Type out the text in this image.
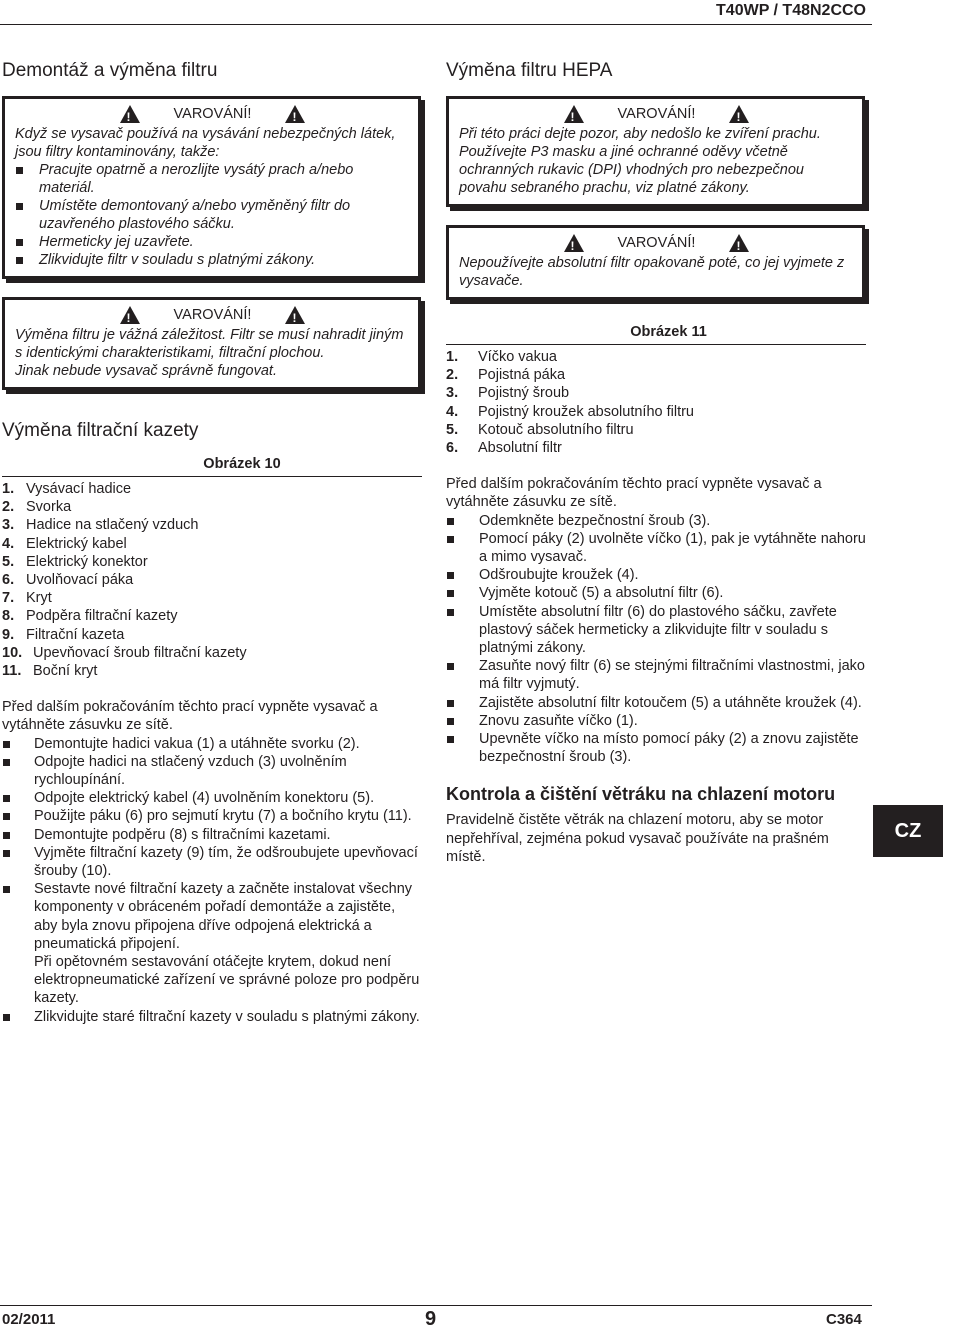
T40WP / T48N2CCO
Demontáž a výměna filtru
!
VAROVÁNÍ!
!
Když se vysavač používá na vysávání nebezpečných látek, jsou filtry kontaminovány, takže:
Pracujte opatrně a nerozlijte vysátý prach a/nebo materiál.
Umístěte demontovaný a/nebo vyměněný filtr do uzavřeného plastového sáčku.
Hermeticky jej uzavřete.
Zlikvidujte filtr v souladu s platnými zákony.
!
VAROVÁNÍ!
!
Výměna filtru je vážná záležitost. Filtr se musí nahradit jiným s identickými charakteristikami, filtrační plochou.
Jinak nebude vysavač správně fungovat.
Výměna filtrační kazety
Obrázek 10
1. Vysávací hadice
2. Svorka
3. Hadice na stlačený vzduch
4. Elektrický kabel
5. Elektrický konektor
6. Uvolňovací páka
7. Kryt
8. Podpěra filtrační kazety
9. Filtrační kazeta
10. Upevňovací šroub filtrační kazety
11. Boční kryt
Před dalším pokračováním těchto prací vypněte vysavač a vytáhněte zásuvku ze sítě.
Demontujte hadici vakua (1) a utáhněte svorku (2).
Odpojte hadici na stlačený vzduch (3) uvolněním rychloupínání.
Odpojte elektrický kabel (4) uvolněním konektoru (5).
Použijte páku (6) pro sejmutí krytu (7) a bočního krytu (11).
Demontujte podpěru (8) s filtračními kazetami.
Vyjměte filtrační kazety (9) tím, že odšroubujete upevňovací šrouby (10).
Sestavte nové filtrační kazety a začněte instalovat všechny komponenty v obráceném pořadí demontáže a zajistěte, aby byla znovu připojena dříve odpojená elektrická a pneumatická připojení.
Při opětovném sestavování otáčejte krytem, dokud není elektropneumatické zařízení ve správné poloze pro podpěru kazety.
Zlikvidujte staré filtrační kazety v souladu s platnými zákony.
Výměna filtru HEPA
!
VAROVÁNÍ!
!
Při této práci dejte pozor, aby nedošlo ke zvíření prachu. Používejte P3 masku a jiné ochranné oděvy včetně ochranných rukavic (DPI) vhodných pro nebezpečnou povahu sebraného prachu, viz platné zákony.
!
VAROVÁNÍ!
!
Nepoužívejte absolutní filtr opakovaně poté, co jej vyjmete z vysavače.
Obrázek 11
1.	Víčko vakua
2.	Pojistná páka
3.	Pojistný šroub
4.	Pojistný kroužek absolutního filtru
5.	Kotouč absolutního filtru
6.	Absolutní filtr
Před dalším pokračováním těchto prací vypněte vysavač a vytáhněte zásuvku ze sítě.
Odemkněte bezpečnostní šroub (3).
Pomocí páky (2) uvolněte víčko (1), pak je vytáhněte nahoru a mimo vysavač.
Odšroubujte kroužek (4).
Vyjměte kotouč (5) a absolutní filtr (6).
Umístěte absolutní filtr (6) do plastového sáčku, zavřete plastový sáček hermeticky a zlikvidujte filtr v souladu s platnými zákony.
Zasuňte nový filtr (6) se stejnými filtračními vlastnostmi, jako má filtr vyjmutý.
Zajistěte absolutní filtr kotoučem (5) a utáhněte kroužek (4).
Znovu zasuňte víčko (1).
Upevněte víčko na místo pomocí páky (2) a znovu zajistěte bezpečnostní šroub (3).
Kontrola a čištění větráku na chlazení motoru
Pravidelně čistěte větrák na chlazení motoru, aby se motor nepřehříval, zejména pokud vysavač používáte na prašném místě.
CZ
02/2011	9	C364
